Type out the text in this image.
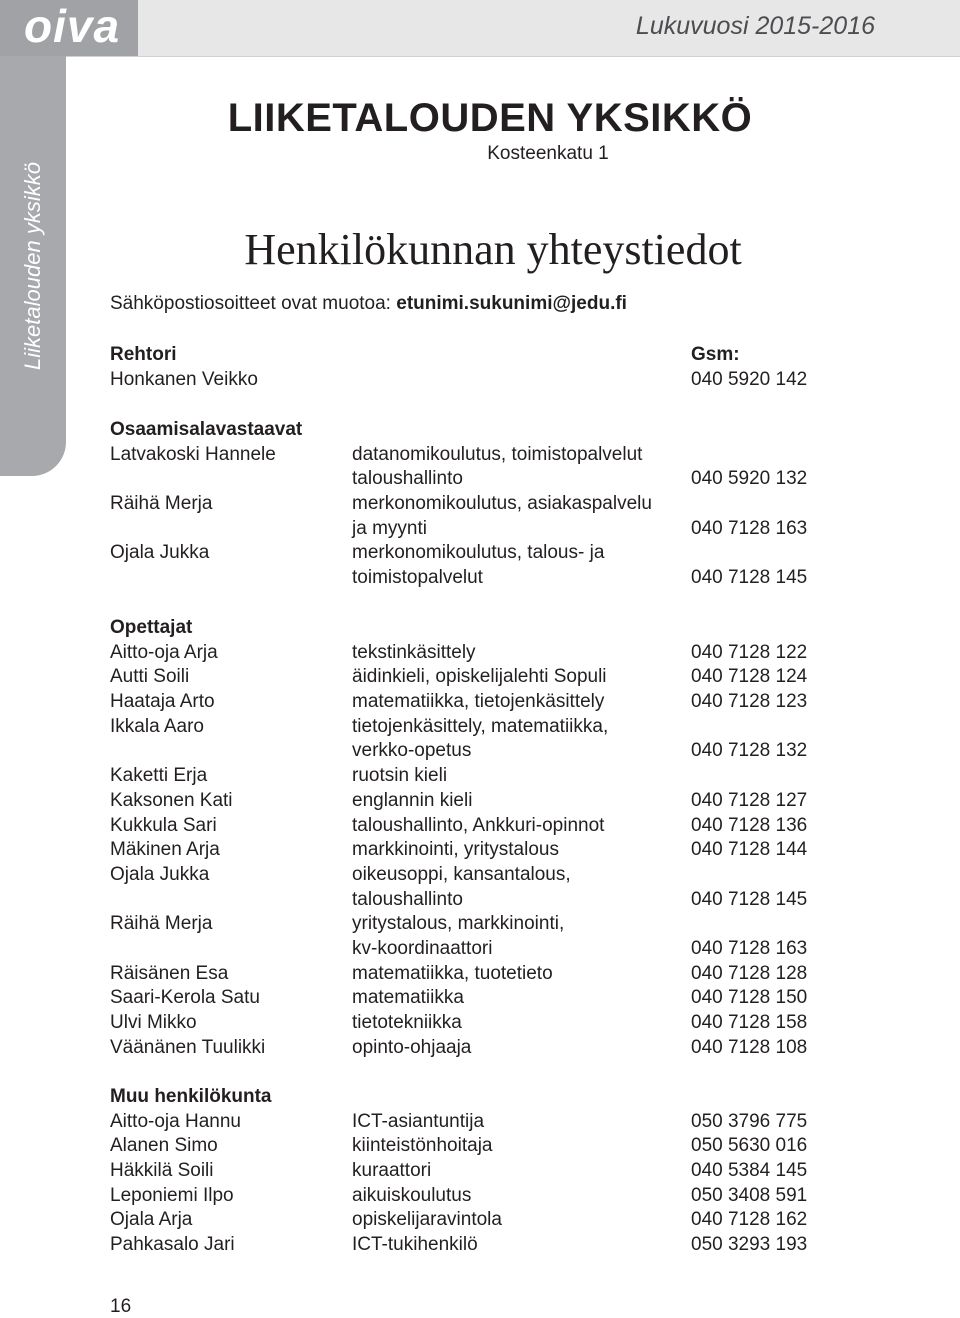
oiva	Lukuvuosi 2015-2016
Liiketalouden yksikkö
LIIKETALOUDEN YKSIKKÖ
Kosteenkatu 1
Henkilökunnan yhteystiedot
Sähköpostiosoitteet ovat muotoa: etunimi.sukunimi@jedu.fi
Rehtori	Gsm:
Honkanen Veikko	040 5920 142
Osaamisalavastaavat
Latvakoski Hannele	datanomikoulutus, toimistopalvelut
taloushallinto	040 5920 132
Räihä Merja	merkonomikoulutus, asiakaspalvelu
ja myynti	040 7128 163
Ojala Jukka	merkonomikoulutus, talous- ja
toimistopalvelut	040 7128 145
Opettajat
Aitto-oja Arja	tekstinkäsittely	040 7128 122
Autti Soili	äidinkieli, opiskelijalehti Sopuli	040 7128 124
Haataja Arto	matematiikka, tietojenkäsittely	040 7128 123
Ikkala Aaro	tietojenkäsittely, matematiikka,
verkko-opetus	040 7128 132
Kaketti Erja	ruotsin kieli
Kaksonen Kati	englannin kieli	040 7128 127
Kukkula Sari	taloushallinto, Ankkuri-opinnot	040 7128 136
Mäkinen Arja	markkinointi, yritystalous	040 7128 144
Ojala Jukka	oikeusoppi, kansantalous,
taloushallinto	040 7128 145
Räihä Merja	yritystalous, markkinointi,
kv-koordinaattori	040 7128 163
Räisänen Esa	matematiikka, tuotetieto	040 7128 128
Saari-Kerola Satu	matematiikka	040 7128 150
Ulvi Mikko	tietotekniikka	040 7128 158
Väänänen Tuulikki	opinto-ohjaaja	040 7128 108
Muu henkilökunta
Aitto-oja Hannu	ICT-asiantuntija	050 3796 775
Alanen Simo	kiinteistönhoitaja	050 5630 016
Häkkilä Soili	kuraattori	040 5384 145
Leponiemi Ilpo	aikuiskoulutus	050 3408 591
Ojala Arja	opiskelijaravintola	040 7128 162
Pahkasalo Jari	ICT-tukihenkilö	050 3293 193
16
